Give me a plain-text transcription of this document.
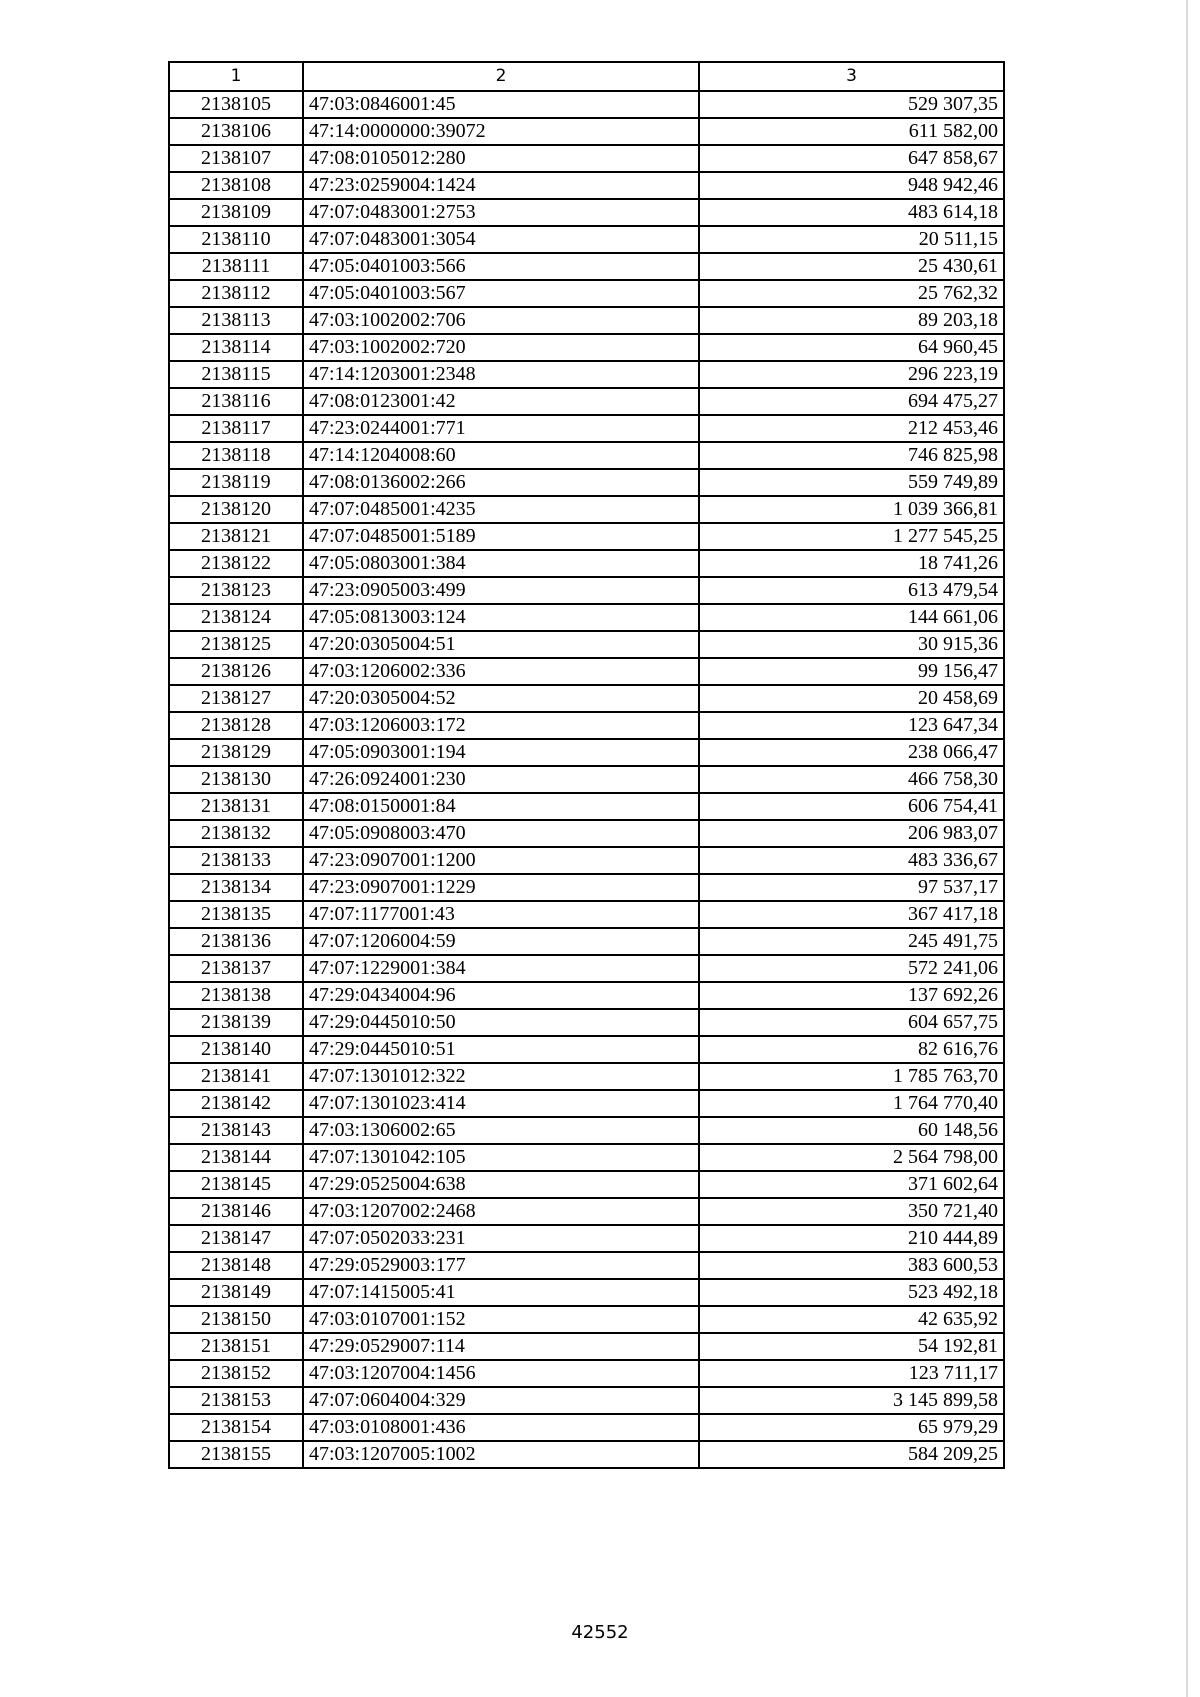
1	2	3
2138105	47:03:0846001:45	529 307,35
2138106	47:14:0000000:39072	611 582,00
2138107	47:08:0105012:280	647 858,67
2138108	47:23:0259004:1424	948 942,46
2138109	47:07:0483001:2753	483 614,18
2138110	47:07:0483001:3054	20 511,15
2138111	47:05:0401003:566	25 430,61
2138112	47:05:0401003:567	25 762,32
2138113	47:03:1002002:706	89 203,18
2138114	47:03:1002002:720	64 960,45
2138115	47:14:1203001:2348	296 223,19
2138116	47:08:0123001:42	694 475,27
2138117	47:23:0244001:771	212 453,46
2138118	47:14:1204008:60	746 825,98
2138119	47:08:0136002:266	559 749,89
2138120	47:07:0485001:4235	1 039 366,81
2138121	47:07:0485001:5189	1 277 545,25
2138122	47:05:0803001:384	18 741,26
2138123	47:23:0905003:499	613 479,54
2138124	47:05:0813003:124	144 661,06
2138125	47:20:0305004:51	30 915,36
2138126	47:03:1206002:336	99 156,47
2138127	47:20:0305004:52	20 458,69
2138128	47:03:1206003:172	123 647,34
2138129	47:05:0903001:194	238 066,47
2138130	47:26:0924001:230	466 758,30
2138131	47:08:0150001:84	606 754,41
2138132	47:05:0908003:470	206 983,07
2138133	47:23:0907001:1200	483 336,67
2138134	47:23:0907001:1229	97 537,17
2138135	47:07:1177001:43	367 417,18
2138136	47:07:1206004:59	245 491,75
2138137	47:07:1229001:384	572 241,06
2138138	47:29:0434004:96	137 692,26
2138139	47:29:0445010:50	604 657,75
2138140	47:29:0445010:51	82 616,76
2138141	47:07:1301012:322	1 785 763,70
2138142	47:07:1301023:414	1 764 770,40
2138143	47:03:1306002:65	60 148,56
2138144	47:07:1301042:105	2 564 798,00
2138145	47:29:0525004:638	371 602,64
2138146	47:03:1207002:2468	350 721,40
2138147	47:07:0502033:231	210 444,89
2138148	47:29:0529003:177	383 600,53
2138149	47:07:1415005:41	523 492,18
2138150	47:03:0107001:152	42 635,92
2138151	47:29:0529007:114	54 192,81
2138152	47:03:1207004:1456	123 711,17
2138153	47:07:0604004:329	3 145 899,58
2138154	47:03:0108001:436	65 979,29
2138155	47:03:1207005:1002	584 209,25
42552
